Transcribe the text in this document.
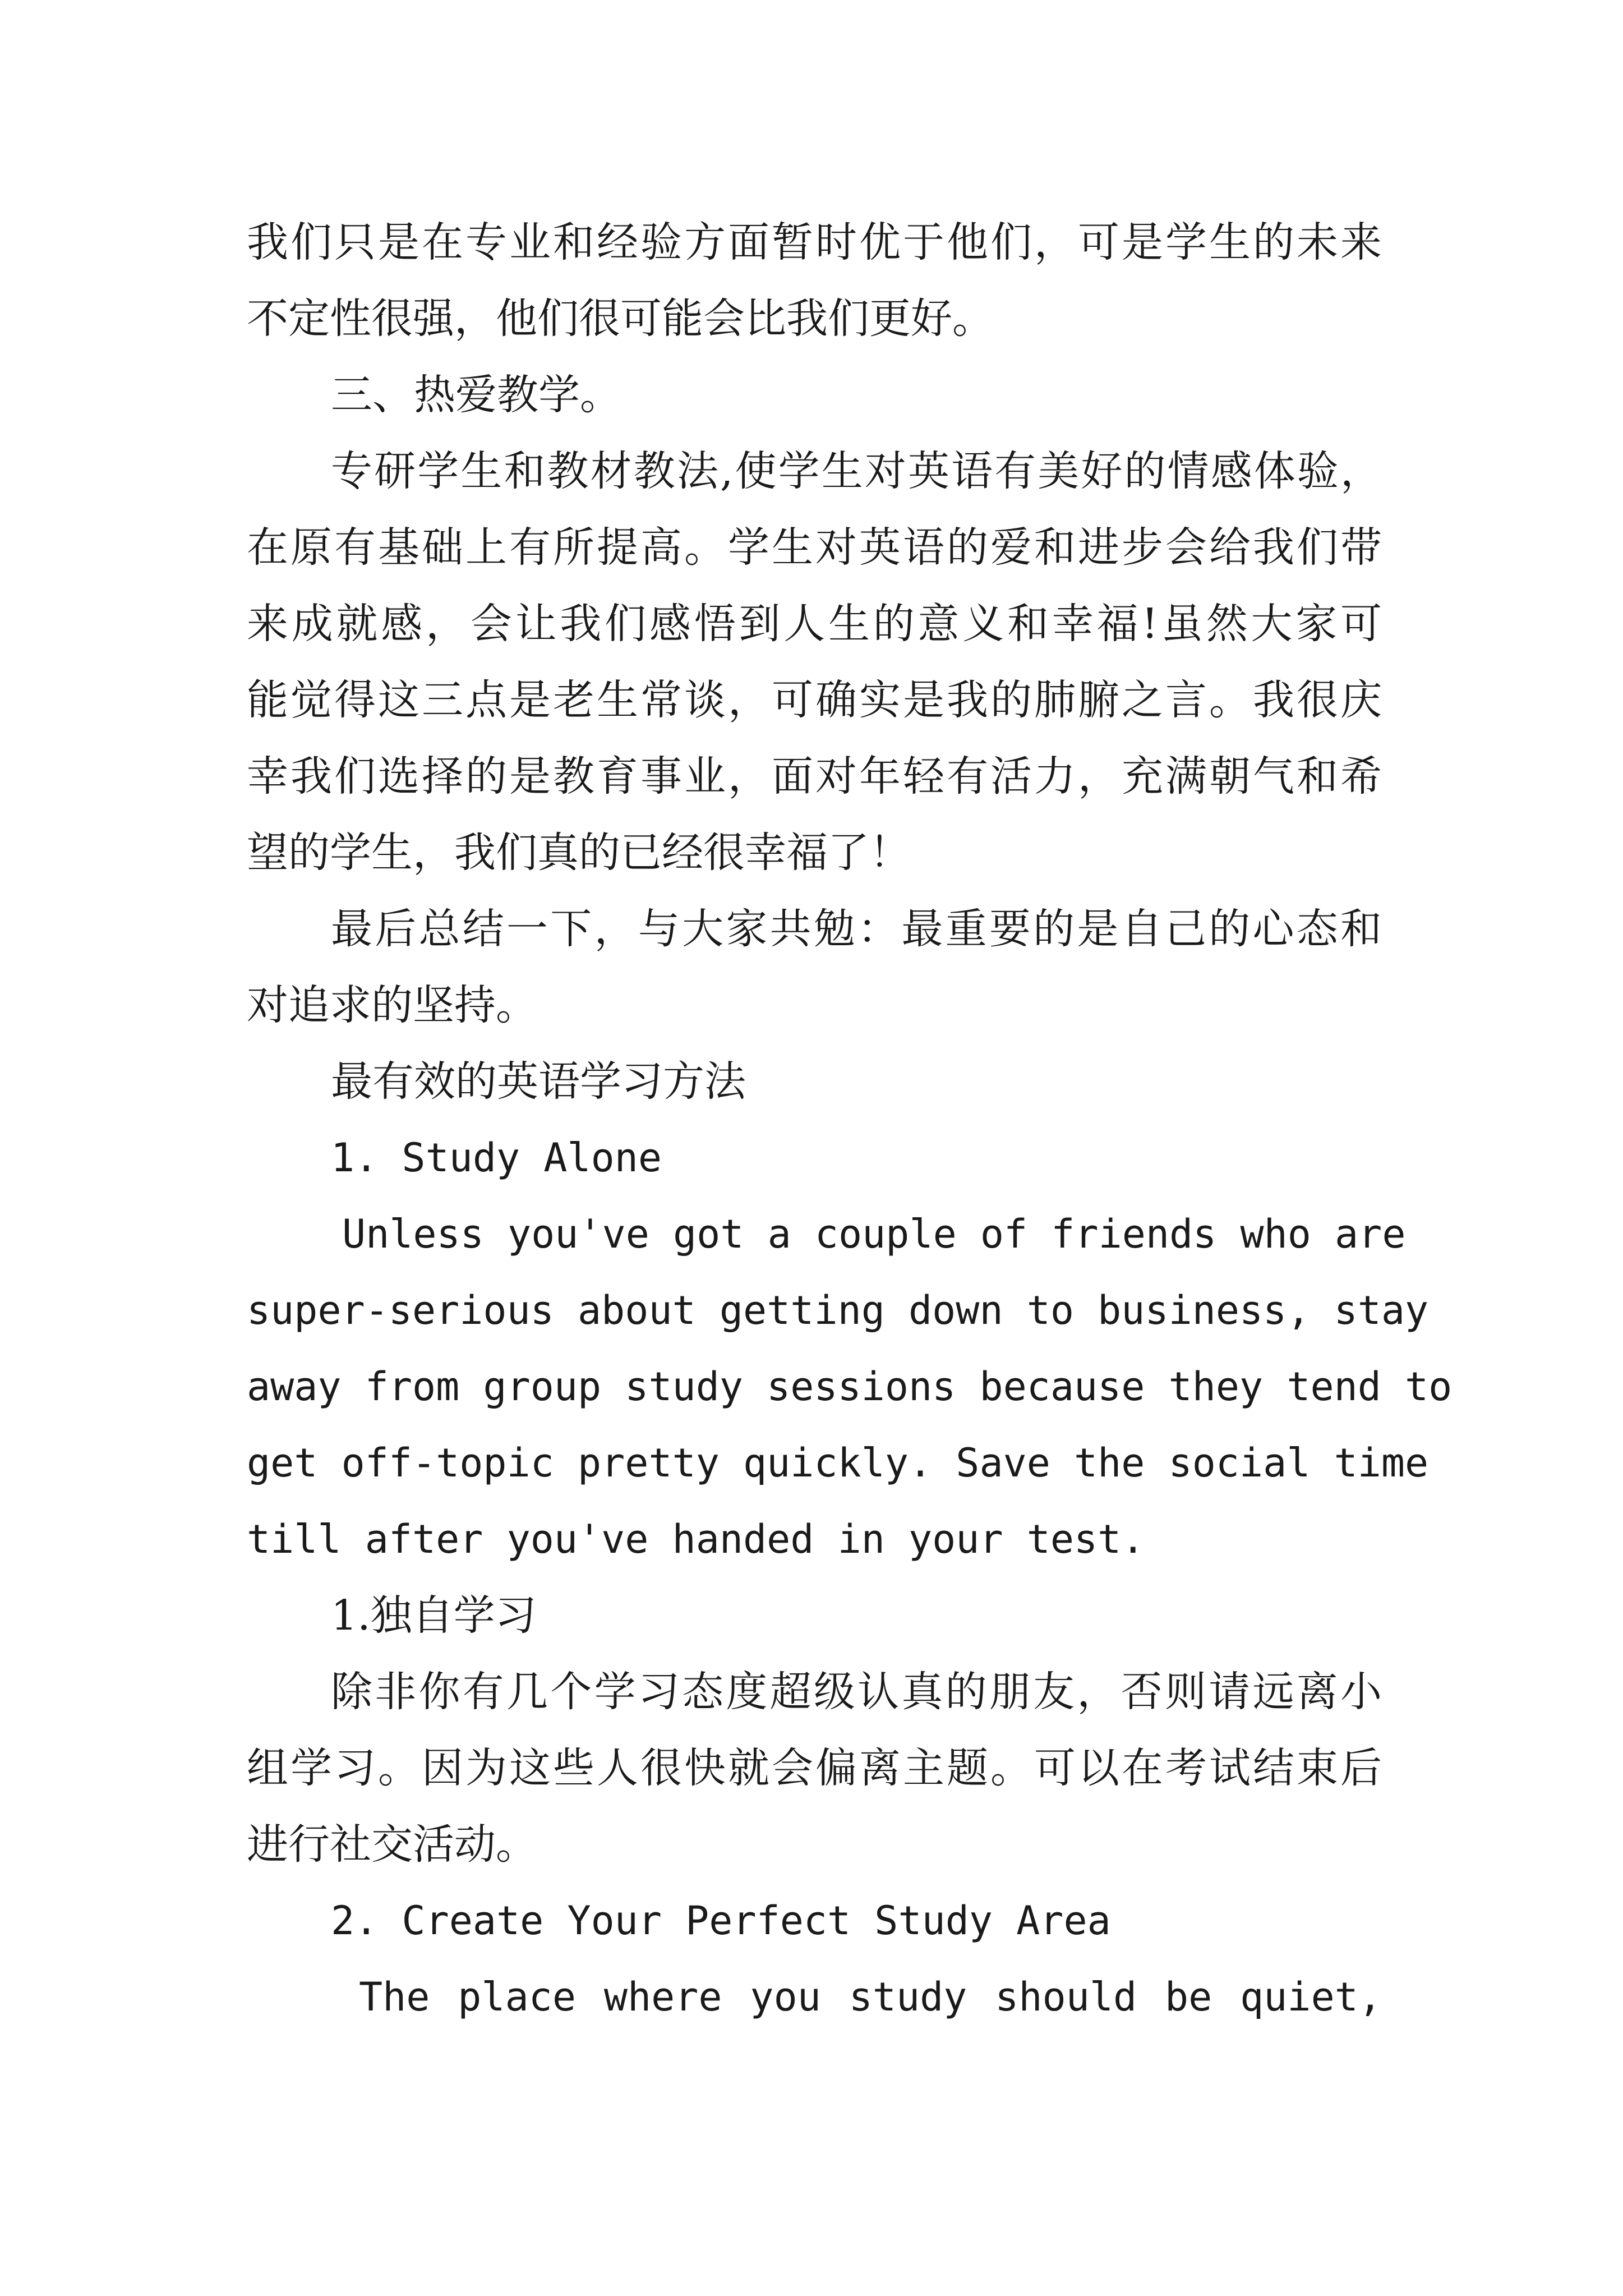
我们只是在专业和经验方面暂时优于他们，可是学生的未来
不定性很强，他们很可能会比我们更好。
三、热爱教学。
专研学生和教材教法,使学生对英语有美好的情感体验，
在原有基础上有所提高。学生对英语的爱和进步会给我们带
来成就感，会让我们感悟到人生的意义和幸福!虽然大家可
能觉得这三点是老生常谈，可确实是我的肺腑之言。我很庆
幸我们选择的是教育事业，面对年轻有活力，充满朝气和希
望的学生，我们真的已经很幸福了！
最后总结一下，与大家共勉：最重要的是自己的心态和
对追求的坚持。
最有效的英语学习方法
1. Study Alone
Unless you've got a couple of friends who are
super-serious about getting down to business, stay
away from group study sessions because they tend to
get off-topic pretty quickly. Save the social time
till after you've handed in your test.
1.独自学习
除非你有几个学习态度超级认真的朋友，否则请远离小
组学习。因为这些人很快就会偏离主题。可以在考试结束后
进行社交活动。
2. Create Your Perfect Study Area
The place where you study should be quiet,
